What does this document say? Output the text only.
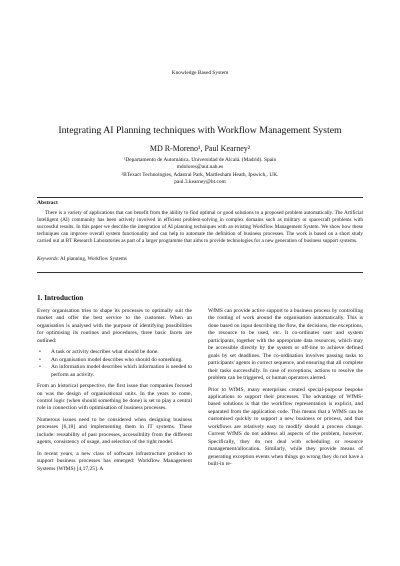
Knowledge Based System
Integrating AI Planning techniques with Workflow Management System
MD R-Moreno¹, Paul Kearney²
¹Departamento de Automática. Universidad de Alcalá. (Madrid). Spain
mdolores@aut.uah.es
²BTexact Technologies, Adastral Park, Martlesham Heath, Ipswich,. UK.
paul.3.kearney@bt.com
Abstract
There is a variety of applications that can benefit from the ability to find optimal or good solutions to a proposed problem automatically. The Artificial Intelligent (AI) community has been actively involved in efficient problem-solving in complex domains such as military or spacecraft problems with successful results. In this paper we describe the integration of AI planning techniques with an existing Workflow Management System. We show how these techniques can improve overall system functionality and can help to automate the definition of business processes. The work is based on a short study carried out at BT Research Laboratories as part of a larger programme that aims to provide technologies for a new generation of business support systems.
Keywords: AI planning, Workflow Systems
1. Introduction

Every organisation tries to shape its processes to optimally suit the market and offer the best service to the customer. When an organisation is analysed with the purpose of identifying possibilities for optimising its routines and procedures, three basic facets are outlined:

• A task or activity describes what should be done.
• An organisation model describes who should do something.
• An information model describes which information is needed to perform an activity.

From an historical perspective, the first issue that companies focused on was the design of organisational units. In the years to come, control logic (when should something be done) is set to play a central role in connection with optimisation of business processes.

Numerous issues need to be considered when designing business processes [6,18] and implementing them in IT systems. These include: reusability of past processes, accessibility from the different agents, consistency of usage, and selection of the right model.

In recent years, a new class of software infrastructure product to support business processes has emerged: Workflow Management Systems (WfMS) [4,17,25]. A

WfMS can provide active support to a business process by controlling the routing of work around the organisation automatically. This is done based on input describing the flow, the decisions, the exceptions, the resource to be used, etc. It co-ordinates user and system participants, together with the appropriate data resources, which may be accessible directly by the system or off-line to achieve defined goals by set deadlines. The co-ordination involves passing tasks to participants' agents in correct sequence, and ensuring that all complete their tasks successfully. In case of exceptions, actions to resolve the problem can be triggered, or human operators alerted.

Prior to WfMS, many enterprises created special-purpose bespoke applications to support their processes. The advantage of WfMS-based solutions is that the workflow representation is explicit, and separated from the application code. This means that a WfMS can be customised quickly to support a new business or process, and that workflows are relatively easy to modify should a process change. Current WfMS do not address all aspects of the problem, however. Specifically, they do not deal with scheduling or resource management/allocation. Similarly, while they provide means of generating exception events when things go wrong they do not have a built-in re-
